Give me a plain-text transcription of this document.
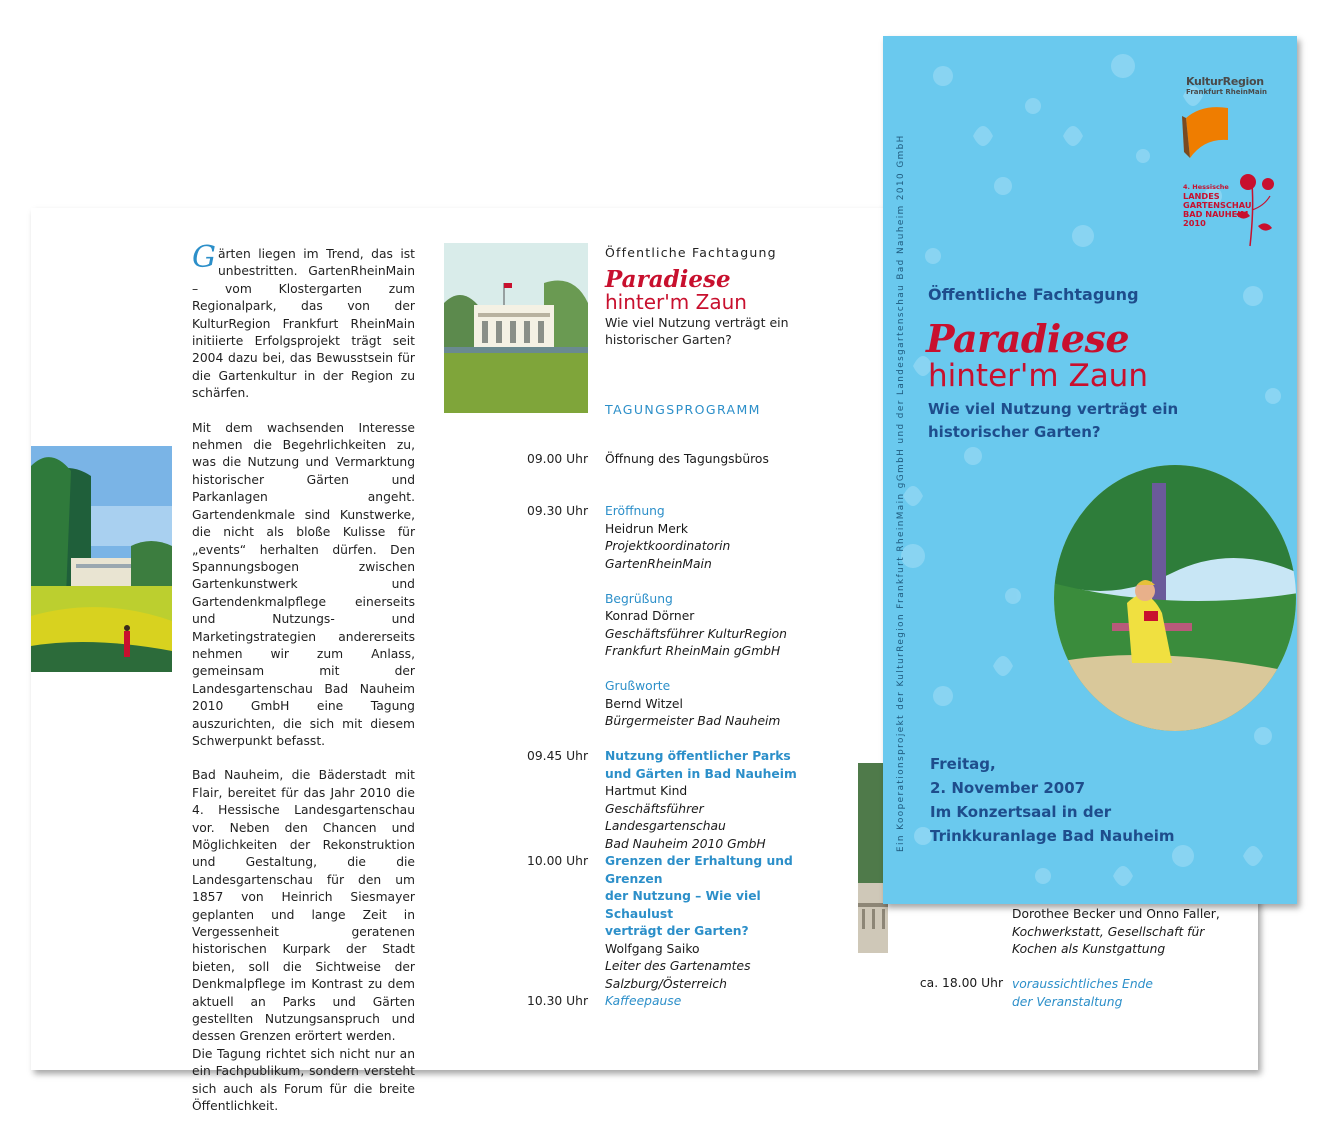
Gärten liegen im Trend, das ist unbestritten. GartenRheinMain – vom Klostergarten zum Regionalpark, das von der KulturRegion Frankfurt RheinMain initiierte Erfolgsprojekt trägt seit 2004 dazu bei, das Bewusstsein für die Gartenkultur in der Region zu schärfen.

Mit dem wachsenden Interesse nehmen die Begehrlichkeiten zu, was die Nutzung und Vermarktung historischer Gärten und Parkanlagen angeht. Gartendenkmale sind Kunstwerke, die nicht als bloße Kulisse für „events“ herhalten dürfen. Den Spannungsbogen zwischen Gartenkunstwerk und Gartendenkmalpflege einerseits und Nutzungs- und Marketingstrategien andererseits nehmen wir zum Anlass, gemeinsam mit der Landesgartenschau Bad Nauheim 2010 GmbH eine Tagung auszurichten, die sich mit diesem Schwerpunkt befasst.

Bad Nauheim, die Bäderstadt mit Flair, bereitet für das Jahr 2010 die 4. Hessische Landesgartenschau vor. Neben den Chancen und Möglichkeiten der Rekonstruktion und Gestaltung, die die Landesgartenschau für den um 1857 von Heinrich Siesmayer geplanten und lange Zeit in Vergessenheit geratenen historischen Kurpark der Stadt bieten, soll die Sichtweise der Denkmalpflege im Kontrast zu dem aktuell an Parks und Gärten gestellten Nutzungsanspruch und dessen Grenzen erörtert werden.

Die Tagung richtet sich nicht nur an ein Fachpublikum, sondern versteht sich auch als Forum für die breite Öffentlichkeit.

Öffentliche Fachtagung
Paradiese
hinter'm Zaun
Wie viel Nutzung verträgt ein historischer Garten?
TAGUNGSPROGRAMM
09.00 Uhr Öffnung des Tagungsbüros
09.30 Uhr Eröffnung
Heidrun Merk
Projektkoordinatorin
GartenRheinMain
Begrüßung
Konrad Dörner
Geschäftsführer KulturRegion
Frankfurt RheinMain gGmbH
Grußworte
Bernd Witzel
Bürgermeister Bad Nauheim
09.45 Uhr Nutzung öffentlicher Parks
und Gärten in Bad Nauheim
Hartmut Kind
Geschäftsführer Landesgartenschau
Bad Nauheim 2010 GmbH
10.00 Uhr Grenzen der Erhaltung und Grenzen
der Nutzung – Wie viel Schaulust
verträgt der Garten?
Wolfgang Saiko
Leiter des Gartenamtes
Salzburg/Österreich
10.30 Uhr Kaffeepause
Dorothee Becker und Onno Faller,
Kochwerkstatt, Gesellschaft für
Kochen als Kunstgattung
ca. 18.00 Uhr voraussichtliches Ende
der Veranstaltung
Ein Kooperationsprojekt der KulturRegion Frankfurt RheinMain gGmbH und der Landesgartenschau Bad Nauheim 2010 GmbH
KulturRegion
Frankfurt RheinMain
4. Hessische
LANDES
GARTENSCHAU
BAD NAUHEIM
2010
Öffentliche Fachtagung
Paradiese
hinter'm Zaun
Wie viel Nutzung verträgt ein
historischer Garten?
Freitag,
2. November 2007
Im Konzertsaal in der
Trinkkuranlage Bad Nauheim
